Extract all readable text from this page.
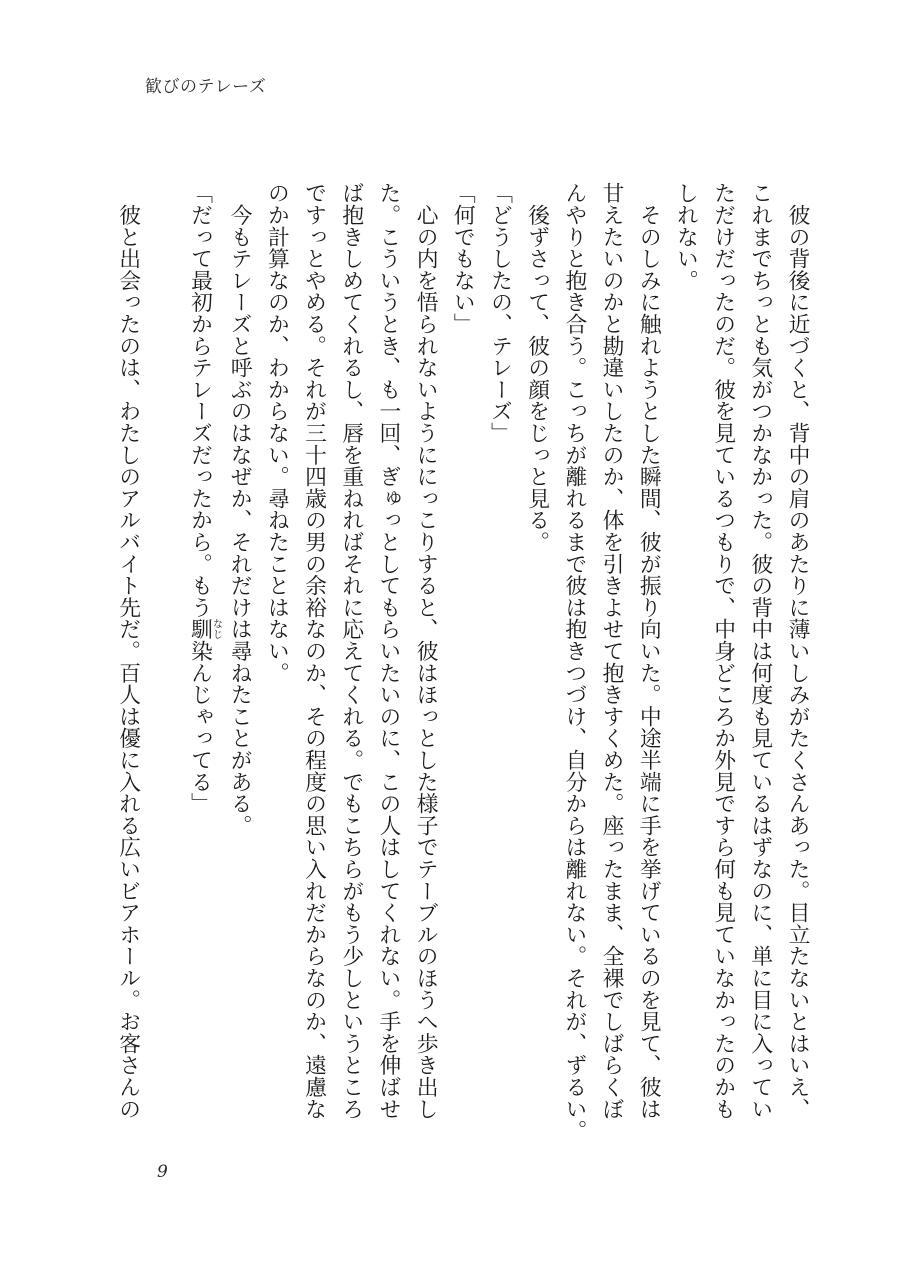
歓びのテレーズ
　彼の背後に近づくと、背中の肩のあたりに薄いしみがたくさんあった。目立たないとはいえ、
これまでちっとも気がつかなかった。彼の背中は何度も見ているはずなのに、単に目に入ってい
ただけだったのだ。彼を見ているつもりで、中身どころか外見ですら何も見ていなかったのかも
しれない。
　そのしみに触れようとした瞬間、彼が振り向いた。中途半端に手を挙げているのを見て、彼は
甘えたいのかと勘違いしたのか、体を引きよせて抱きすくめた。座ったまま、全裸でしばらくぼ
んやりと抱き合う。こっちが離れるまで彼は抱きつづけ、自分からは離れない。それが、ずるい。
　後ずさって、彼の顔をじっと見る。
「どうしたの、テレーズ」
「何でもない」
　心の内を悟られないようににっこりすると、彼はほっとした様子でテーブルのほうへ歩き出し
た。こういうとき、も一回、ぎゅっとしてもらいたいのに、この人はしてくれない。手を伸ばせ
ば抱きしめてくれるし、唇を重ねればそれに応えてくれる。でもこちらがもう少しというところ
ですっとやめる。それが三十四歳の男の余裕なのか、その程度の思い入れだからなのか、遠慮な
のか計算なのか、わからない。尋ねたことはない。
　今もテレーズと呼ぶのはなぜか、それだけは尋ねたことがある。
「だって最初からテレーズだったから。もう馴なじ染んじゃってる」
　彼と出会ったのは、わたしのアルバイト先だ。百人は優に入れる広いビアホール。お客さんの
9
